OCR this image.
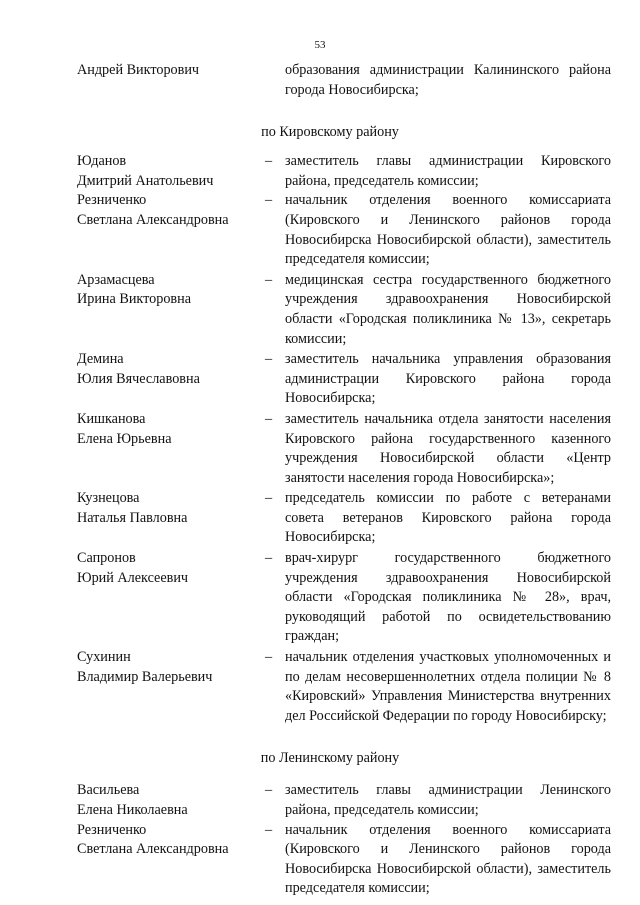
53
Андрей Викторович	образования администрации Калининского района города Новосибирска;
по Кировскому району
Юданов
Дмитрий Анатольевич
– заместитель главы администрации Кировского района, председатель комиссии;
Резниченко
Светлана Александровна
– начальник отделения военного комиссариата (Кировского и Ленинского районов города Новосибирска Новосибирской области), заместитель председателя комиссии;
Арзамасцева
Ирина Викторовна
– медицинская сестра государственного бюджетного учреждения здравоохранения Новосибирской области «Городская поликлиника № 13», секретарь комиссии;
Демина
Юлия Вячеславовна
– заместитель начальника управления образования администрации Кировского района города Новосибирска;
Кишканова
Елена Юрьевна
– заместитель начальника отдела занятости населения Кировского района государственного казенного учреждения Новосибирской области «Центр занятости населения города Новосибирска»;
Кузнецова
Наталья Павловна
– председатель комиссии по работе с ветеранами совета ветеранов Кировского района города Новосибирска;
Сапронов
Юрий Алексеевич
– врач-хирург государственного бюджетного учреждения здравоохранения Новосибирской области «Городская поликлиника № 28», врач, руководящий работой по освидетельствованию граждан;
Сухинин
Владимир Валерьевич
– начальник отделения участковых уполномоченных и по делам несовершеннолетних отдела полиции № 8 «Кировский» Управления Министерства внутренних дел Российской Федерации по городу Новосибирску;
по Ленинскому району
Васильева
Елена Николаевна
– заместитель главы администрации Ленинского района, председатель комиссии;
Резниченко
Светлана Александровна
– начальник отделения военного комиссариата (Кировского и Ленинского районов города Новосибирска Новосибирской области), заместитель председателя комиссии;
